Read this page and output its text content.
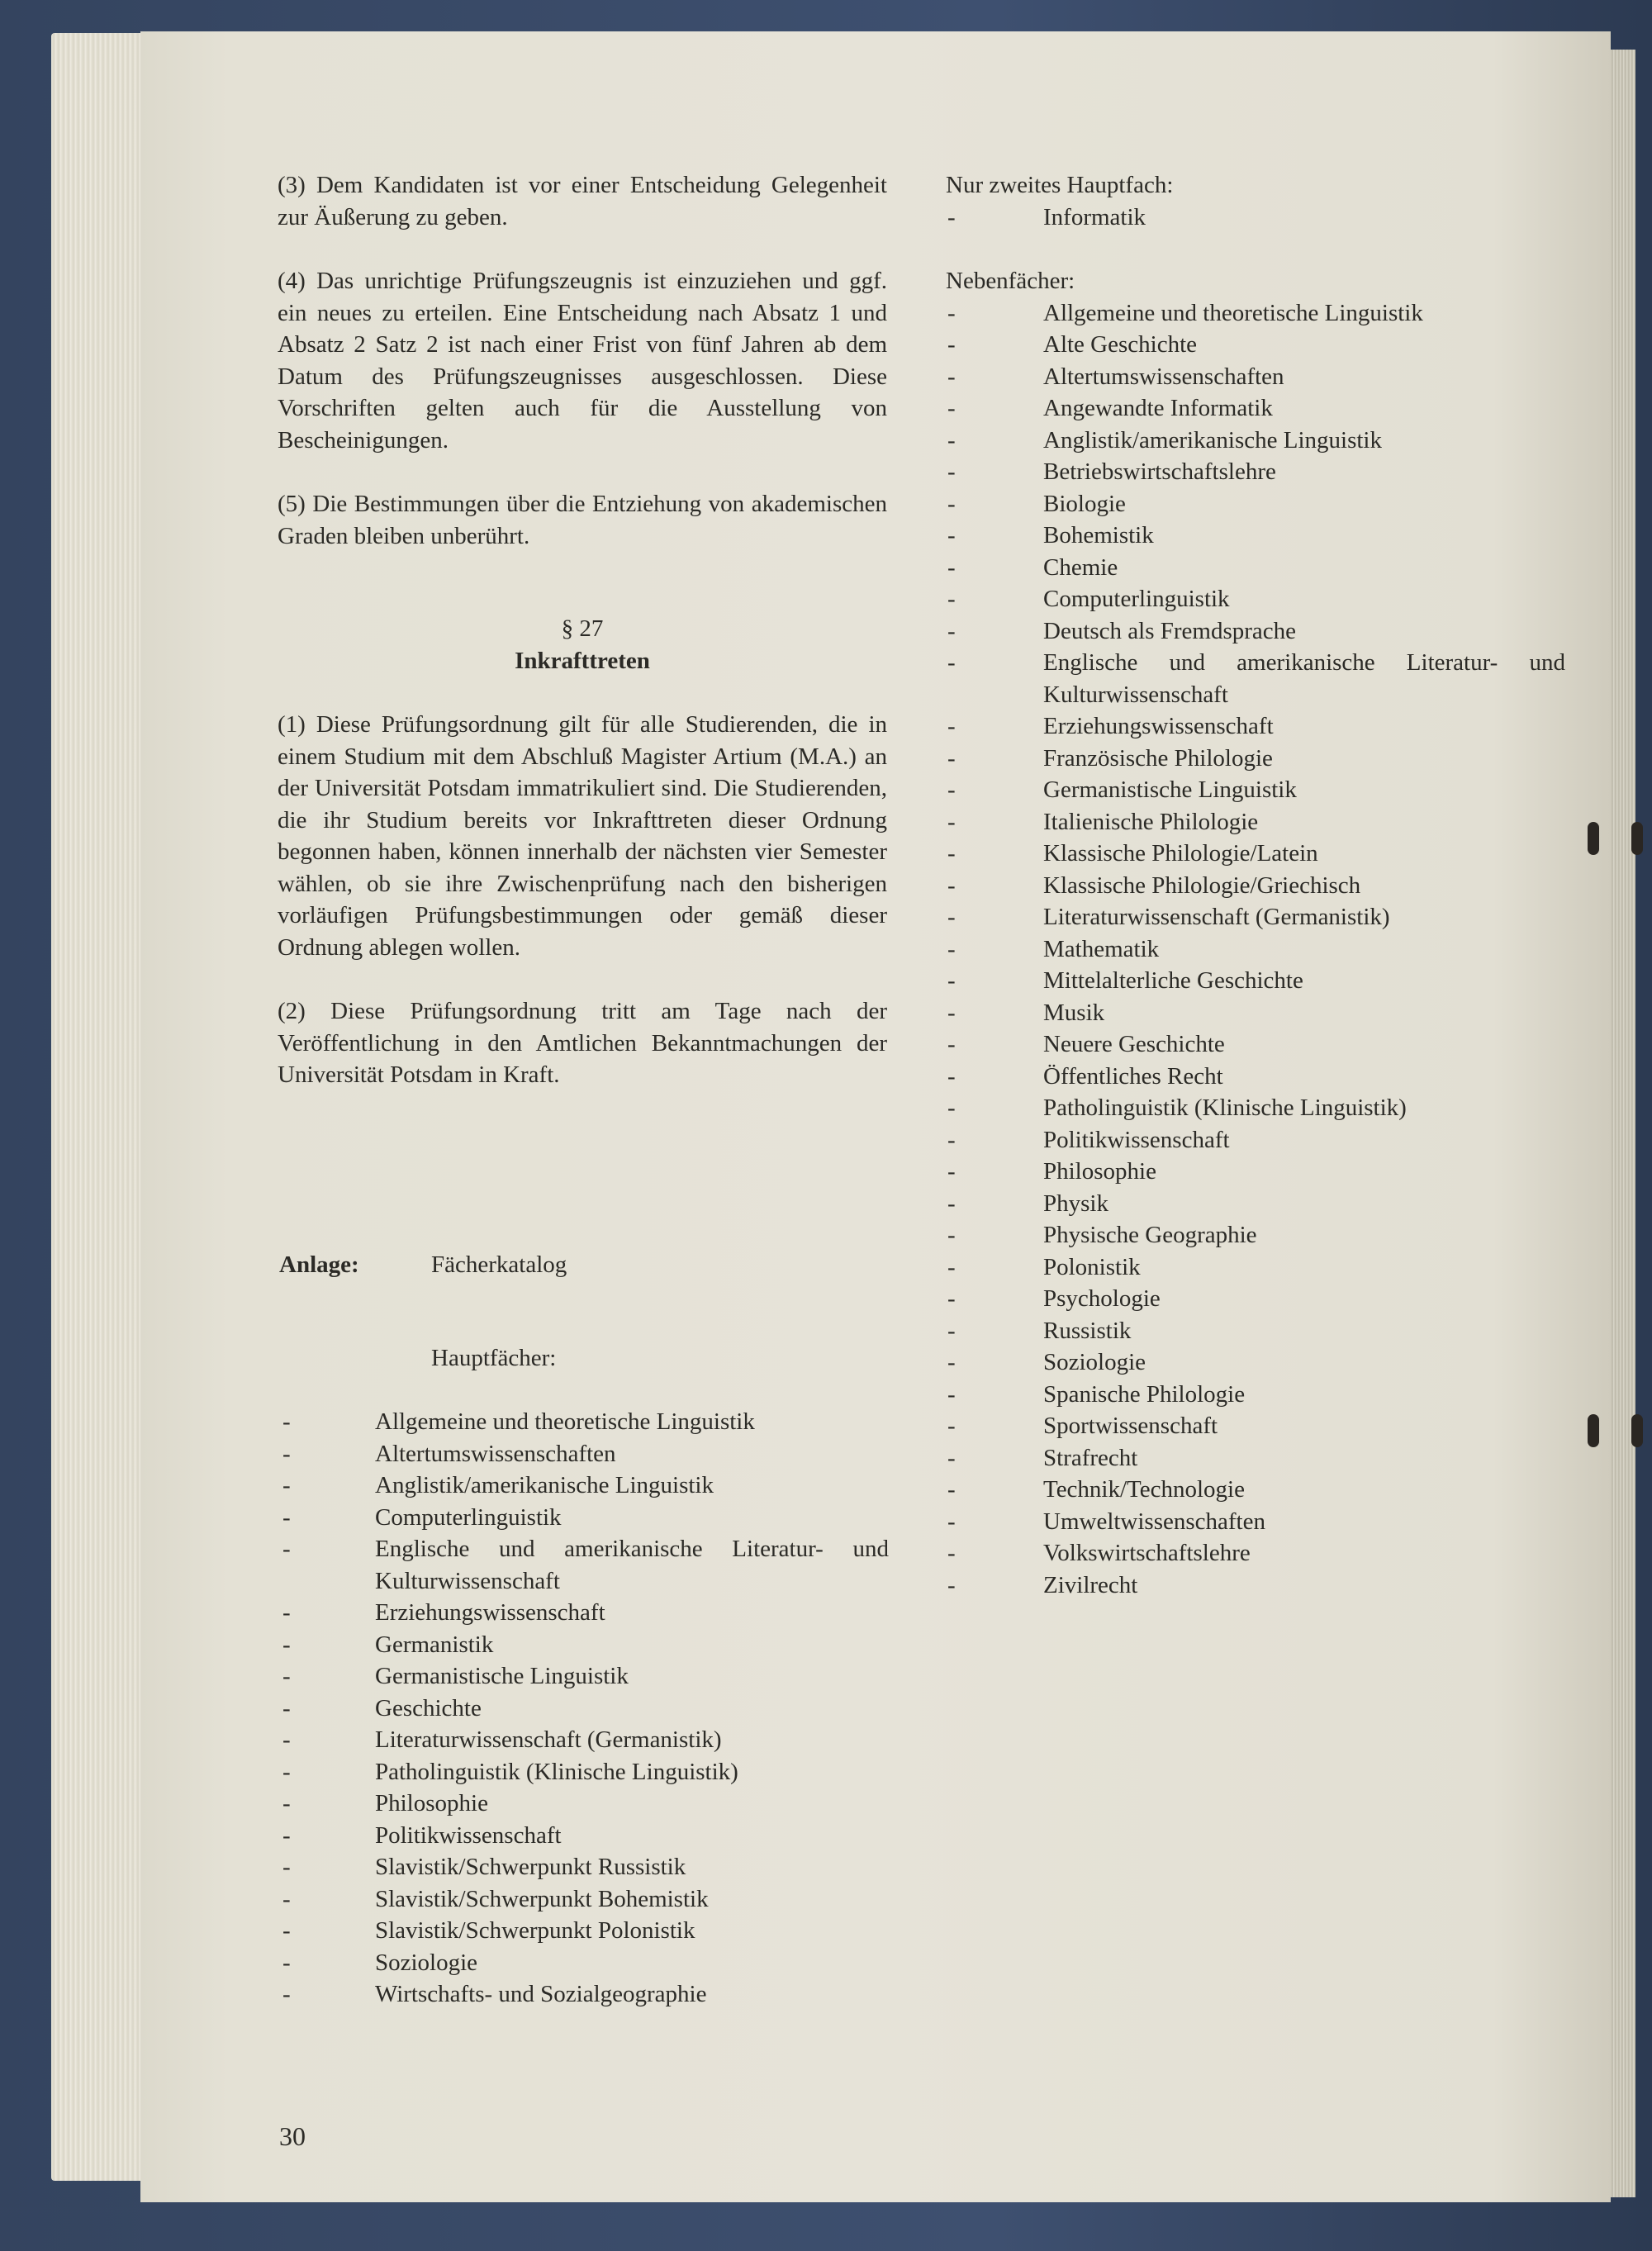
(3) Dem Kandidaten ist vor einer Entscheidung Gelegenheit zur Äußerung zu geben.

(4) Das unrichtige Prüfungszeugnis ist einzuziehen und ggf. ein neues zu erteilen. Eine Entscheidung nach Absatz 1 und Absatz 2 Satz 2 ist nach einer Frist von fünf Jahren ab dem Datum des Prüfungszeugnisses ausgeschlossen. Diese Vorschriften gelten auch für die Ausstellung von Bescheinigungen.

(5) Die Bestimmungen über die Entziehung von akademischen Graden bleiben unberührt.

§ 27
Inkrafttreten

(1) Diese Prüfungsordnung gilt für alle Studierenden, die in einem Studium mit dem Abschluß Magister Artium (M.A.) an der Universität Potsdam immatrikuliert sind. Die Studierenden, die ihr Studium bereits vor Inkrafttreten dieser Ordnung begonnen haben, können innerhalb der nächsten vier Semester wählen, ob sie ihre Zwischenprüfung nach den bisherigen vorläufigen Prüfungsbestimmungen oder gemäß dieser Ordnung ablegen wollen.

(2) Diese Prüfungsordnung tritt am Tage nach der Veröffentlichung in den Amtlichen Bekanntmachungen der Universität Potsdam in Kraft.

Anlage:	Fächerkatalog
Hauptfächer:
-	Allgemeine und theoretische Linguistik
-	Altertumswissenschaften
-	Anglistik/amerikanische Linguistik
-	Computerlinguistik
-	Englische und amerikanische Literatur- und Kulturwissenschaft
-	Erziehungswissenschaft
-	Germanistik
-	Germanistische Linguistik
-	Geschichte
-	Literaturwissenschaft (Germanistik)
-	Patholinguistik (Klinische Linguistik)
-	Philosophie
-	Politikwissenschaft
-	Slavistik/Schwerpunkt Russistik
-	Slavistik/Schwerpunkt Bohemistik
-	Slavistik/Schwerpunkt Polonistik
-	Soziologie
-	Wirtschafts- und Sozialgeographie
Nur zweites Hauptfach:
-	Informatik
Nebenfächer:
-	Allgemeine und theoretische Linguistik
-	Alte Geschichte
-	Altertumswissenschaften
-	Angewandte Informatik
-	Anglistik/amerikanische Linguistik
-	Betriebswirtschaftslehre
-	Biologie
-	Bohemistik
-	Chemie
-	Computerlinguistik
-	Deutsch als Fremdsprache
-	Englische und amerikanische Literatur- und Kulturwissenschaft
-	Erziehungswissenschaft
-	Französische Philologie
-	Germanistische Linguistik
-	Italienische Philologie
-	Klassische Philologie/Latein
-	Klassische Philologie/Griechisch
-	Literaturwissenschaft (Germanistik)
-	Mathematik
-	Mittelalterliche Geschichte
-	Musik
-	Neuere Geschichte
-	Öffentliches Recht
-	Patholinguistik (Klinische Linguistik)
-	Politikwissenschaft
-	Philosophie
-	Physik
-	Physische Geographie
-	Polonistik
-	Psychologie
-	Russistik
-	Soziologie
-	Spanische Philologie
-	Sportwissenschaft
-	Strafrecht
-	Technik/Technologie
-	Umweltwissenschaften
-	Volkswirtschaftslehre
-	Zivilrecht
30
